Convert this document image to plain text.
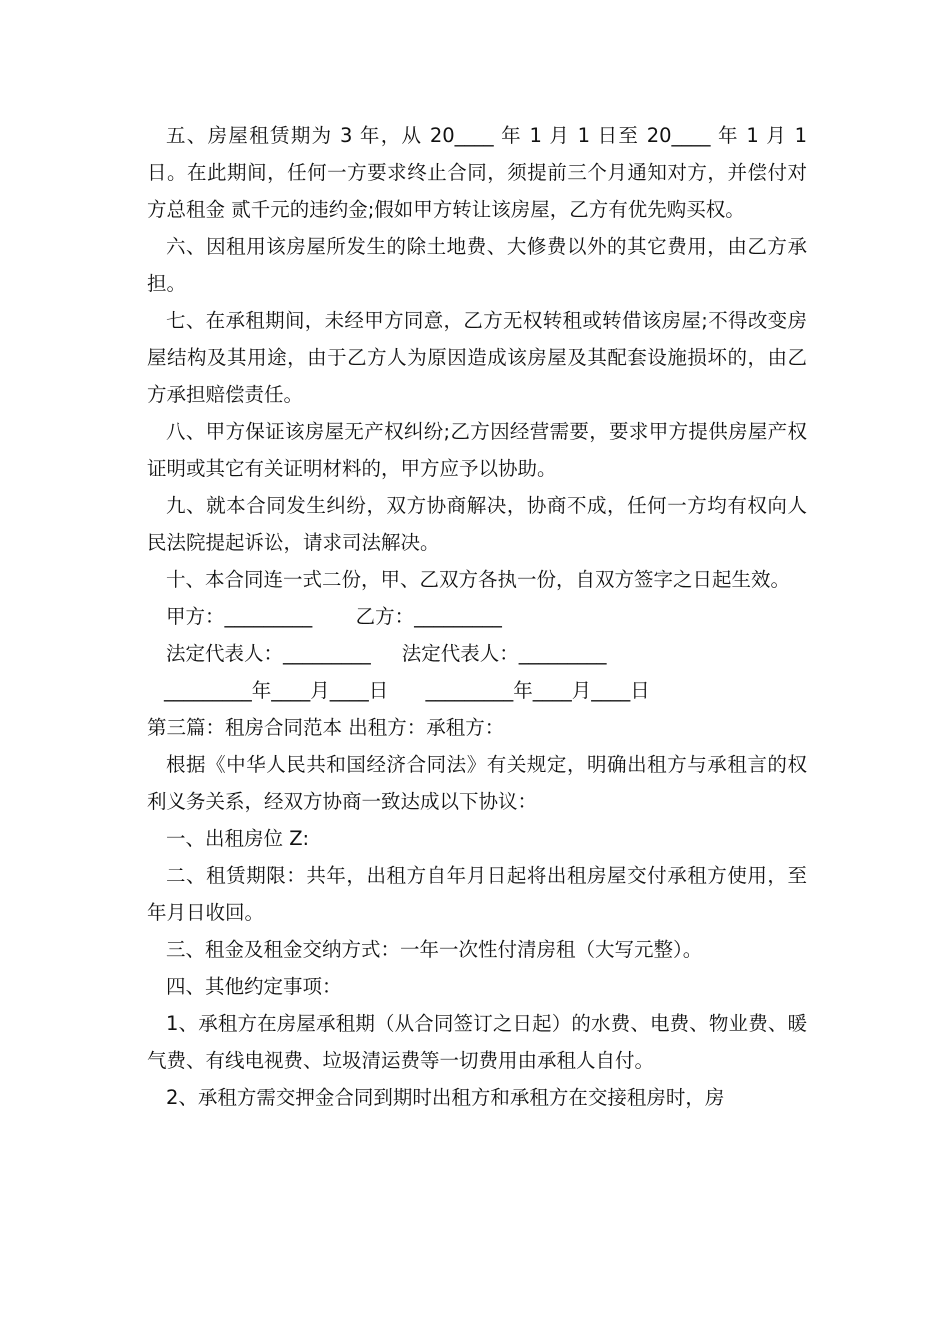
五、房屋租赁期为 3 年，从 20____ 年 1 月 1 日至 20____ 年 1 月 1 日。在此期间，任何一方要求终止合同，须提前三个月通知对方，并偿付对方总租金 贰千元的违约金;假如甲方转让该房屋，乙方有优先购买权。

六、因租用该房屋所发生的除土地费、大修费以外的其它费用，由乙方承担。

七、在承租期间，未经甲方同意，乙方无权转租或转借该房屋;不得改变房屋结构及其用途，由于乙方人为原因造成该房屋及其配套设施损坏的，由乙方承担赔偿责任。

八、甲方保证该房屋无产权纠纷;乙方因经营需要，要求甲方提供房屋产权证明或其它有关证明材料的，甲方应予以协助。

九、就本合同发生纠纷，双方协商解决，协商不成，任何一方均有权向人民法院提起诉讼，请求司法解决。

十、本合同连一式二份，甲、乙双方各执一份，自双方签字之日起生效。

甲方：_________       乙方：_________

法定代表人：_________     法定代表人：_________

_________年____月____日      _________年____月____日

第三篇：租房合同范本 出租方：承租方：

根据《中华人民共和国经济合同法》有关规定，明确出租方与承租言的权利义务关系，经双方协商一致达成以下协议：

一、出租房位 Z:

二、租赁期限：共年，出租方自年月日起将出租房屋交付承租方使用，至年月日收回。

三、租金及租金交纳方式：一年一次性付清房租（大写元整）。

四、其他约定事项：

1、承租方在房屋承租期（从合同签订之日起）的水费、电费、物业费、暖气费、有线电视费、垃圾清运费等一切费用由承租人自付。

2、承租方需交押金合同到期时出租方和承租方在交接租房时，房
